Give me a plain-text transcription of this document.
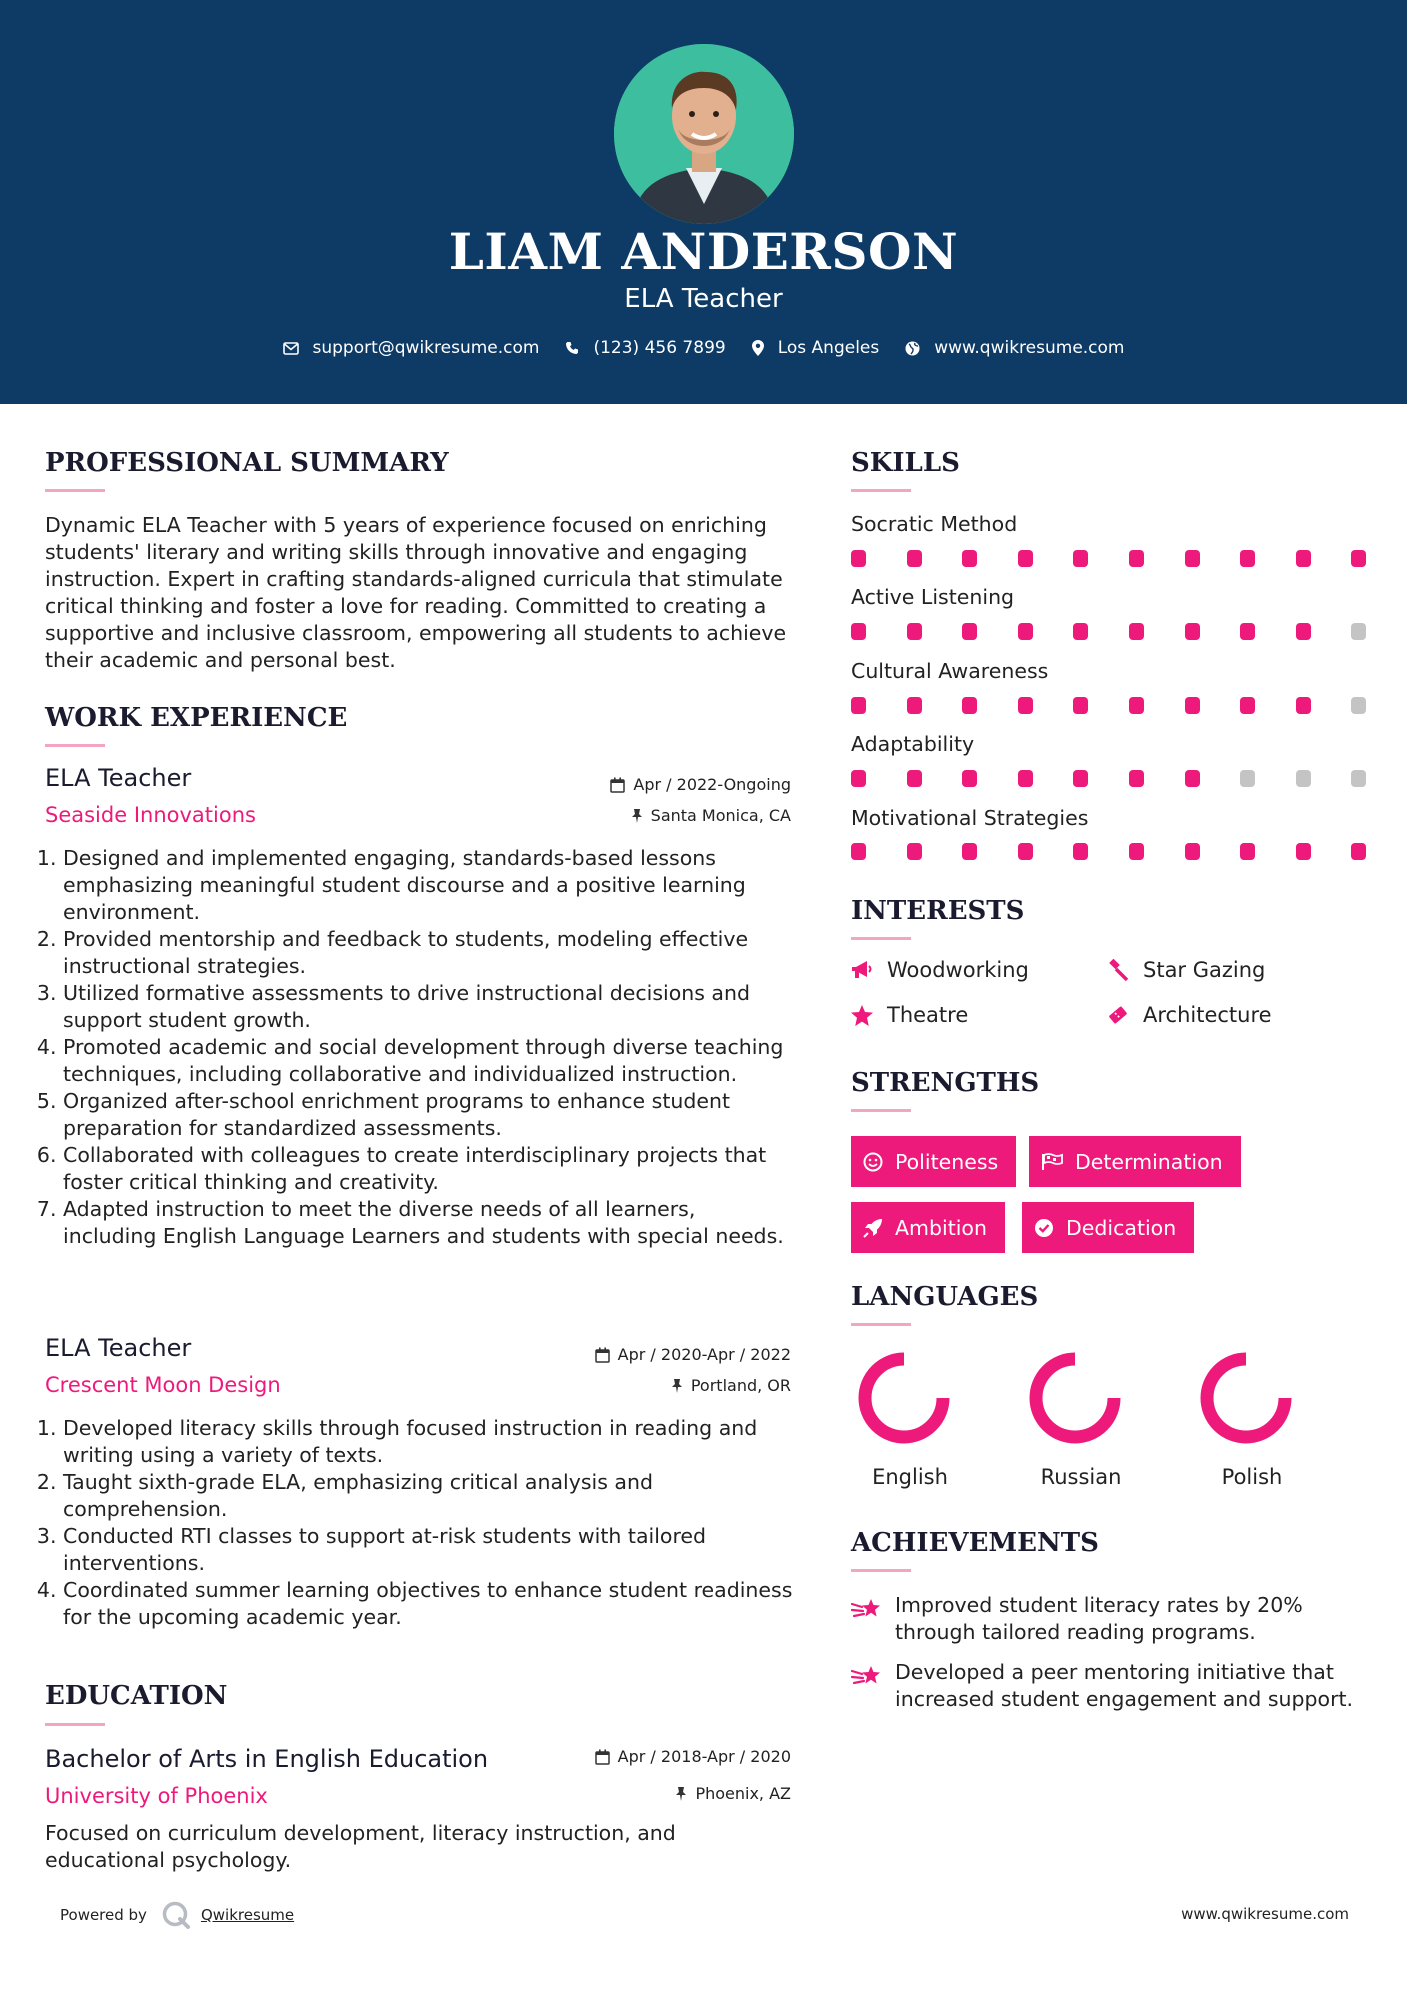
LIAM ANDERSON
ELA Teacher
support@qwikresume.com	(123) 456 7899	Los Angeles	www.qwikresume.com
PROFESSIONAL SUMMARY
Dynamic ELA Teacher with 5 years of experience focused on enriching students' literary and writing skills through innovative and engaging instruction. Expert in crafting standards-aligned curricula that stimulate critical thinking and foster a love for reading. Committed to creating a supportive and inclusive classroom, empowering all students to achieve their academic and personal best.
WORK EXPERIENCE
ELA Teacher
Seaside Innovations
Apr / 2022-Ongoing
Santa Monica, CA
1. Designed and implemented engaging, standards-based lessons emphasizing meaningful student discourse and a positive learning environment.
2. Provided mentorship and feedback to students, modeling effective instructional strategies.
3. Utilized formative assessments to drive instructional decisions and support student growth.
4. Promoted academic and social development through diverse teaching techniques, including collaborative and individualized instruction.
5. Organized after-school enrichment programs to enhance student preparation for standardized assessments.
6. Collaborated with colleagues to create interdisciplinary projects that foster critical thinking and creativity.
7. Adapted instruction to meet the diverse needs of all learners, including English Language Learners and students with special needs.
ELA Teacher
Crescent Moon Design
Apr / 2020-Apr / 2022
Portland, OR
1. Developed literacy skills through focused instruction in reading and writing using a variety of texts.
2. Taught sixth-grade ELA, emphasizing critical analysis and comprehension.
3. Conducted RTI classes to support at-risk students with tailored interventions.
4. Coordinated summer learning objectives to enhance student readiness for the upcoming academic year.
EDUCATION
Bachelor of Arts in English Education
University of Phoenix
Apr / 2018-Apr / 2020
Phoenix, AZ
Focused on curriculum development, literacy instruction, and educational psychology.
SKILLS
Socratic Method
Active Listening
Cultural Awareness
Adaptability
Motivational Strategies
INTERESTS
Woodworking	Star Gazing
Theatre	Architecture
STRENGTHS
Politeness	Determination
Ambition	Dedication
LANGUAGES
English	Russian	Polish
ACHIEVEMENTS
Improved student literacy rates by 20% through tailored reading programs.
Developed a peer mentoring initiative that increased student engagement and support.
Powered by	Qwikresume	www.qwikresume.com
